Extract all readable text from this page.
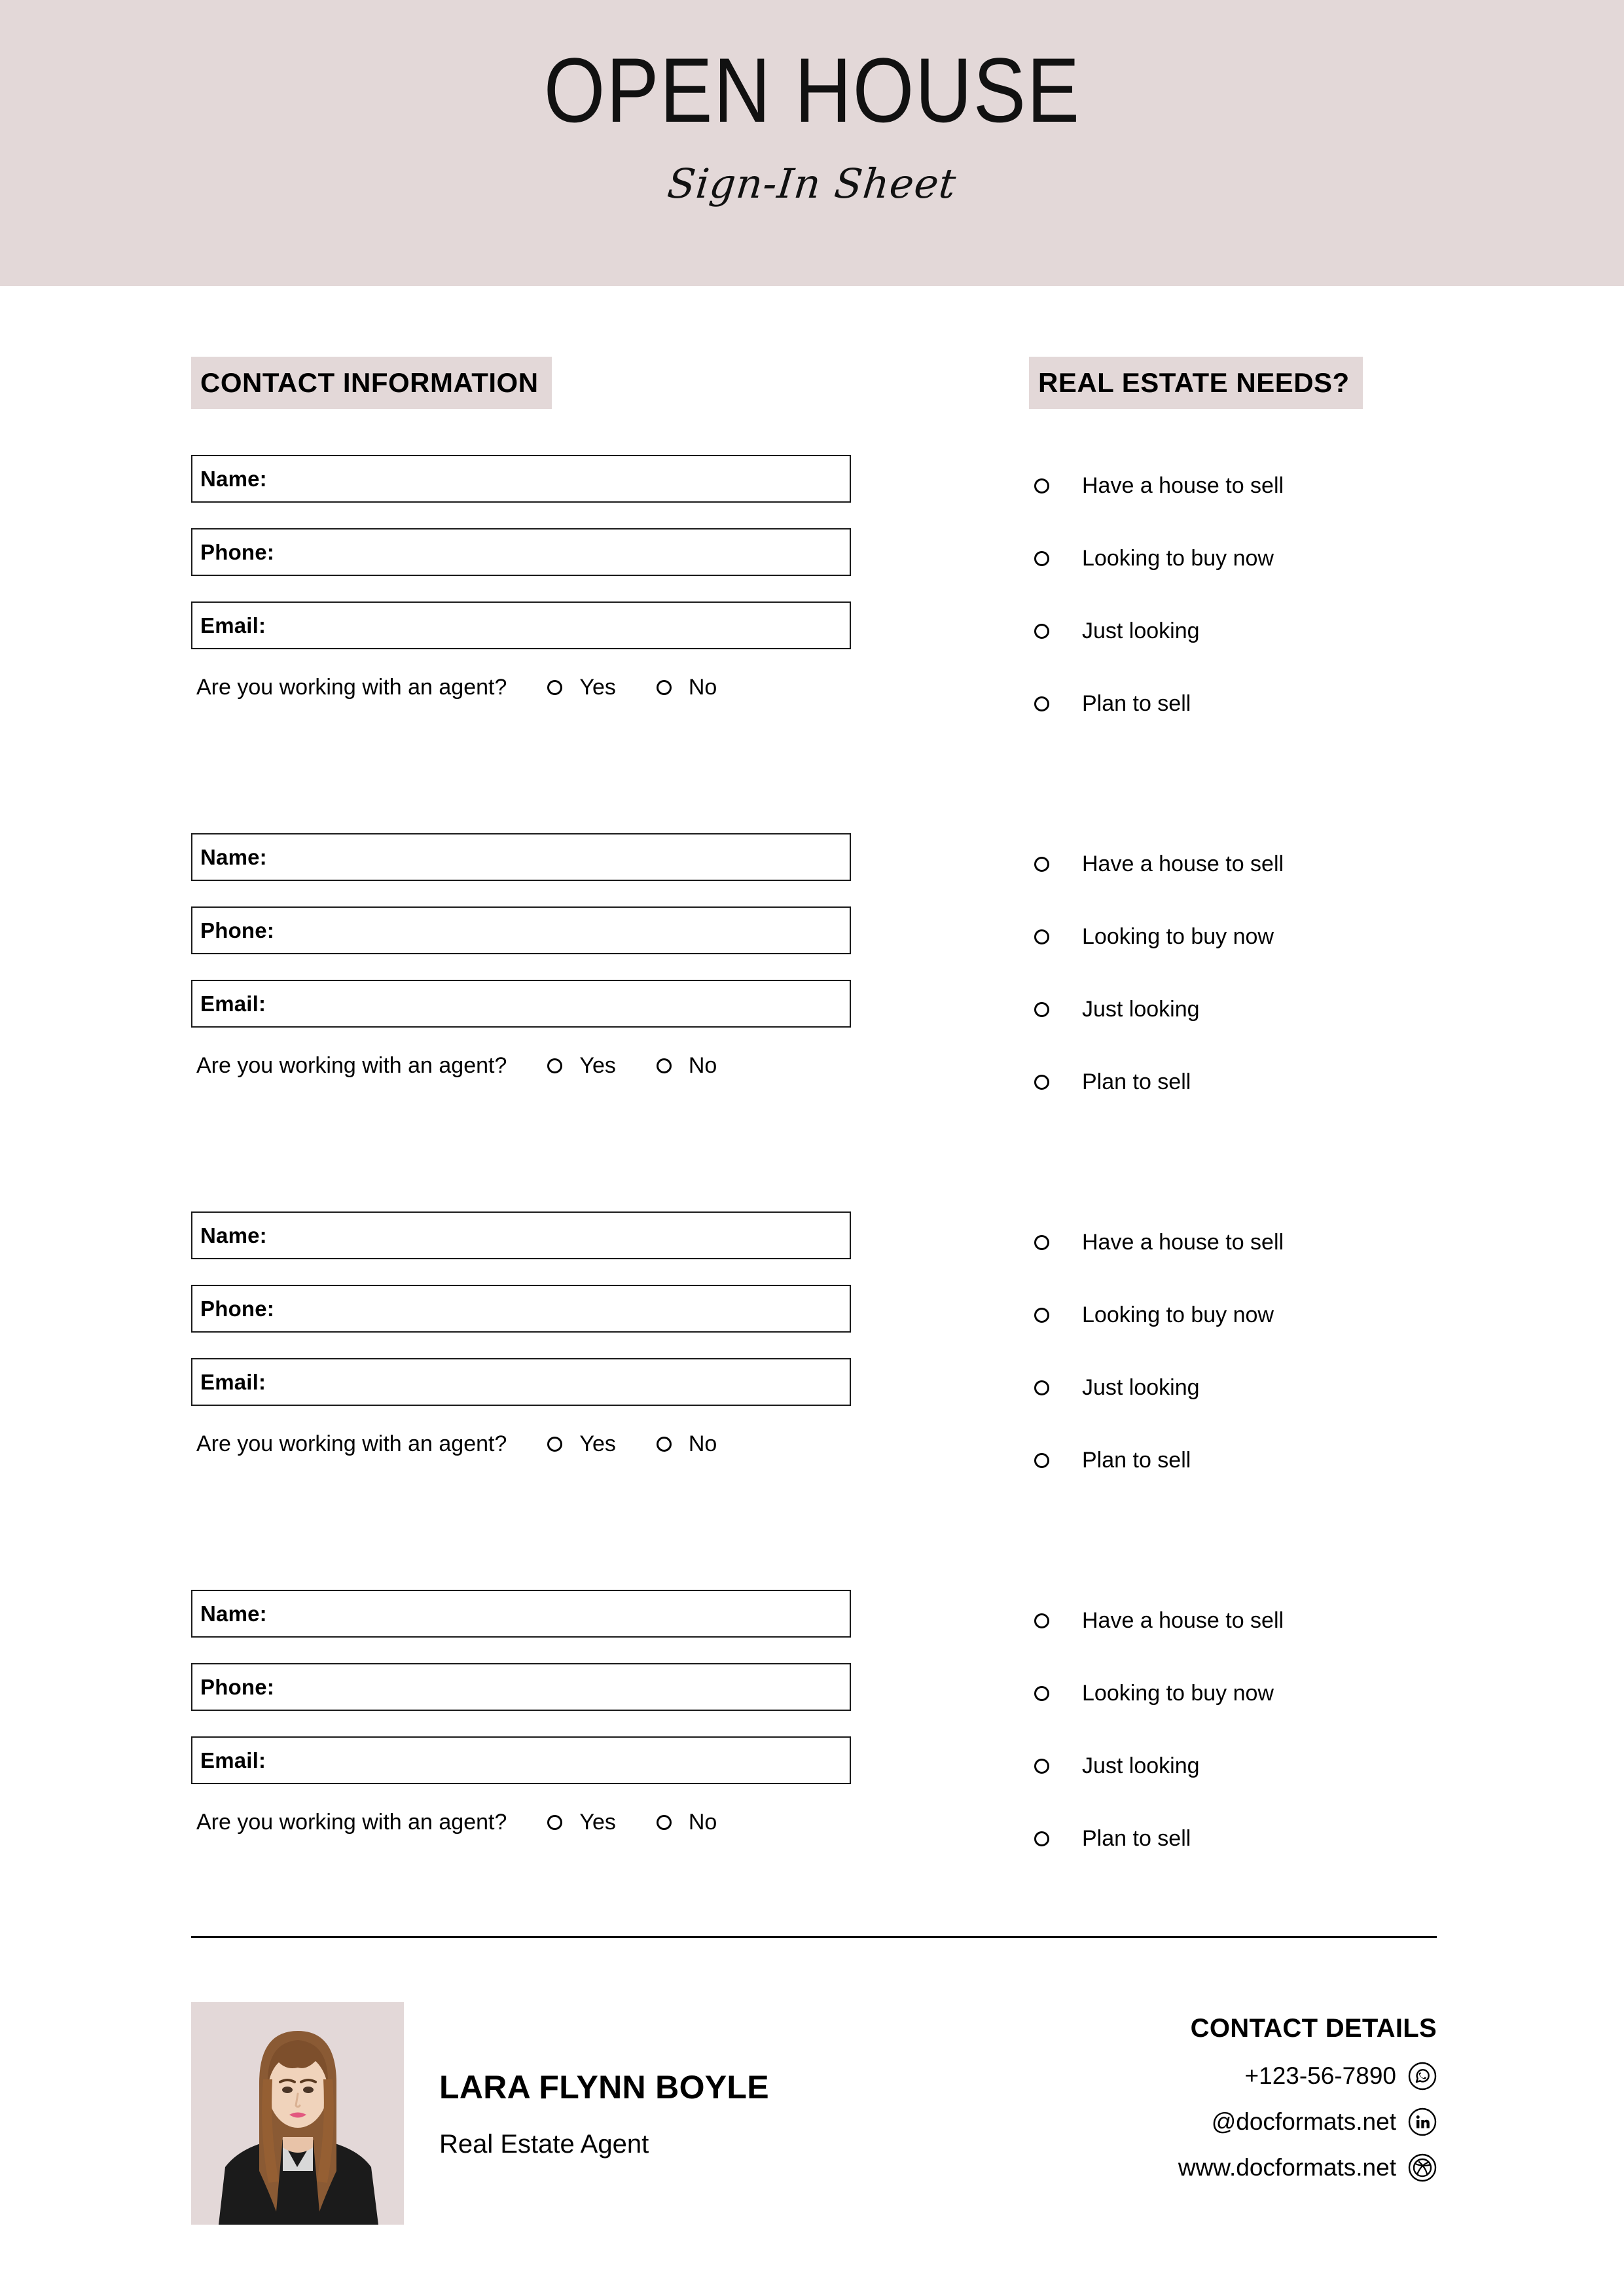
OPEN HOUSE
Sign-In Sheet
CONTACT INFORMATION	REAL ESTATE NEEDS?
Name:
Phone:
Email:
Are you working with an agent?	Yes	No
Have a house to sell
Looking to buy now
Just looking
Plan to sell
Name:
Phone:
Email:
Are you working with an agent?	Yes	No
Have a house to sell
Looking to buy now
Just looking
Plan to sell
Name:
Phone:
Email:
Are you working with an agent?	Yes	No
Have a house to sell
Looking to buy now
Just looking
Plan to sell
Name:
Phone:
Email:
Are you working with an agent?	Yes	No
Have a house to sell
Looking to buy now
Just looking
Plan to sell
LARA FLYNN BOYLE
Real Estate Agent
CONTACT DETAILS
+123-56-7890
@docformats.net
www.docformats.net
